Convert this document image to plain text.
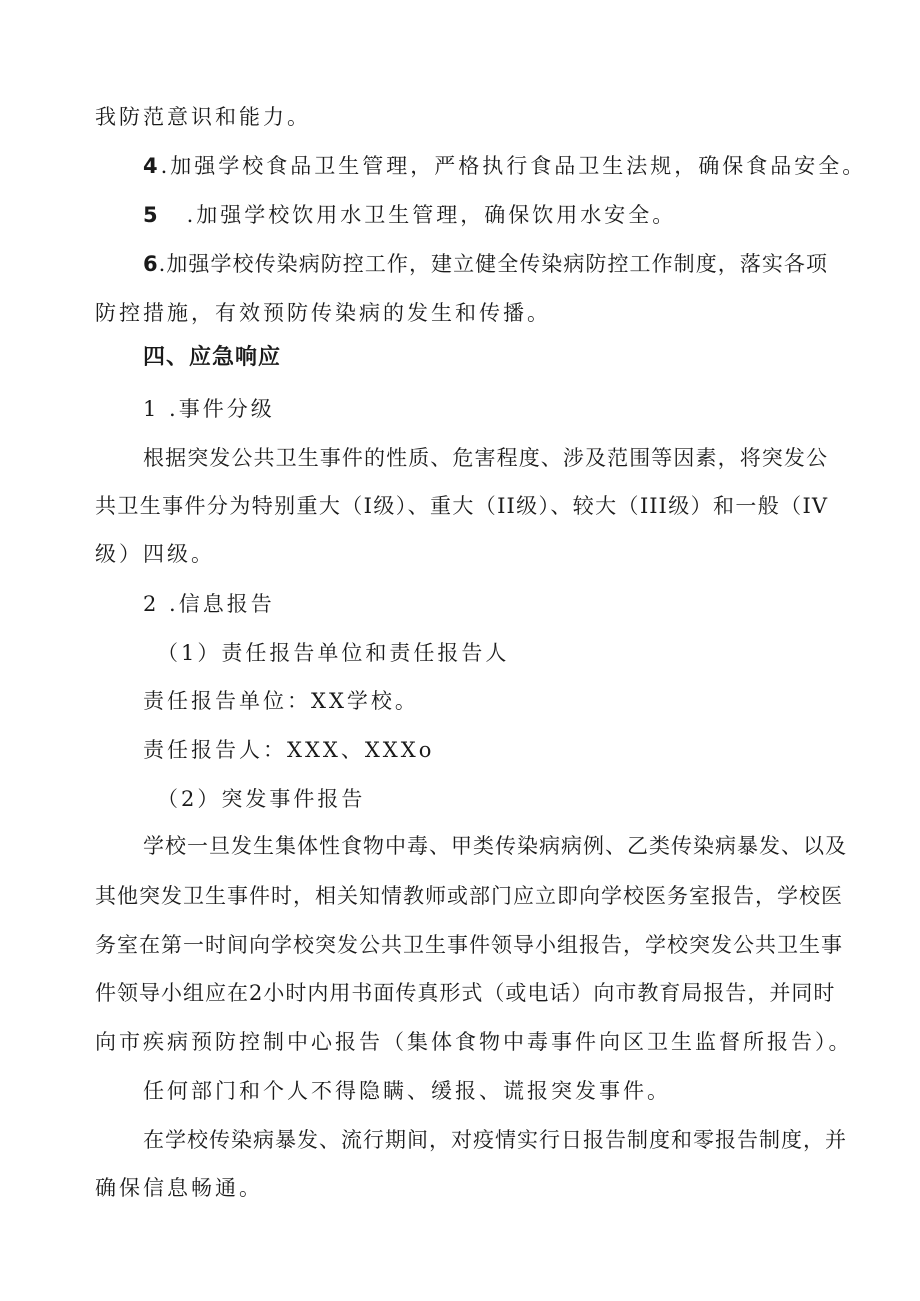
我防范意识和能力。

4.加强学校食品卫生管理，严格执行食品卫生法规，确保食品安全。

5 .加强学校饮用水卫生管理，确保饮用水安全。

6.加强学校传染病防控工作，建立健全传染病防控工作制度，落实各项

防控措施，有效预防传染病的发生和传播。

四、应急响应

1 .事件分级

根据突发公共卫生事件的性质、危害程度、涉及范围等因素，将突发公

共卫生事件分为特别重大（I级）、重大（II级）、较大（III级）和一般（IV

级）四级。

2 .信息报告

（1）责任报告单位和责任报告人

责任报告单位：XX学校。

责任报告人：XXX、XXXo

（2）突发事件报告

学校一旦发生集体性食物中毒、甲类传染病病例、乙类传染病暴发、以及

其他突发卫生事件时，相关知情教师或部门应立即向学校医务室报告，学校医

务室在第一时间向学校突发公共卫生事件领导小组报告，学校突发公共卫生事

件领导小组应在2小时内用书面传真形式（或电话）向市教育局报告，并同时

向市疾病预防控制中心报告（集体食物中毒事件向区卫生监督所报告）。

任何部门和个人不得隐瞒、缓报、谎报突发事件。

在学校传染病暴发、流行期间，对疫情实行日报告制度和零报告制度，并

确保信息畅通。
